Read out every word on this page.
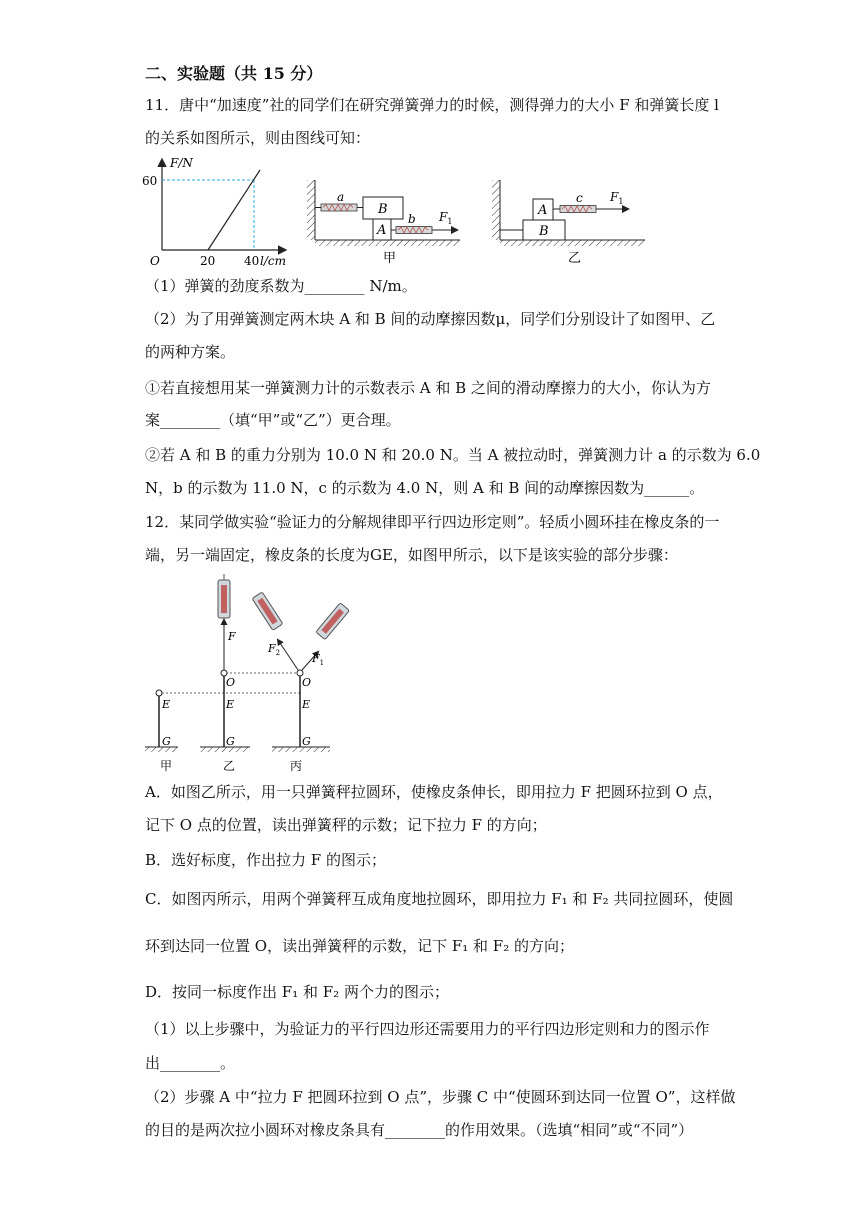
二、实验题（共 15 分）
11．唐中“加速度”社的同学们在研究弹簧弹力的时候，测得弹力的大小 F 和弹簧长度 l
的关系如图所示，则由图线可知：
F/N
60
O	20 40 l/cm
a
B
A
b $F_1$
甲
B
A
c $F_1$
乙
（1）弹簧的劲度系数为________ N/m。
（2）为了用弹簧测定两木块 A 和 B 间的动摩擦因数μ，同学们分别设计了如图甲、乙
的两种方案。
①若直接想用某一弹簧测力计的示数表示 A 和 B 之间的滑动摩擦力的大小，你认为方
案________（填“甲”或“乙”）更合理。
②若 A 和 B 的重力分别为 10.0 N 和 20.0 N。当 A 被拉动时，弹簧测力计 a 的示数为 6.0
N，b 的示数为 11.0 N，c 的示数为 4.0 N，则 A 和 B 间的动摩擦因数为______。
12．某同学做实验“验证力的分解规律即平行四边形定则”。轻质小圆环挂在橡皮条的一
端，另一端固定，橡皮条的长度为GE，如图甲所示，以下是该实验的部分步骤：
E
G
F
O
E
G
$F_2$	$F_1$
O
E
G
甲	乙	丙
A．如图乙所示，用一只弹簧秤拉圆环，使橡皮条伸长，即用拉力 F 把圆环拉到 O 点，
记下 O 点的位置，读出弹簧秤的示数；记下拉力 F 的方向；
B．选好标度，作出拉力 F 的图示；
C．如图丙所示，用两个弹簧秤互成角度地拉圆环，即用拉力 F₁ 和 F₂ 共同拉圆环，使圆
环到达同一位置 O，读出弹簧秤的示数，记下 F₁ 和 F₂ 的方向；
D．按同一标度作出 F₁ 和 F₂ 两个力的图示；
（1）以上步骤中，为验证力的平行四边形还需要用力的平行四边形定则和力的图示作
出________。
（2）步骤 A 中“拉力 F 把圆环拉到 O 点”，步骤 C 中“使圆环到达同一位置 O”，这样做
的目的是两次拉小圆环对橡皮条具有________的作用效果。（选填“相同”或“不同”）
